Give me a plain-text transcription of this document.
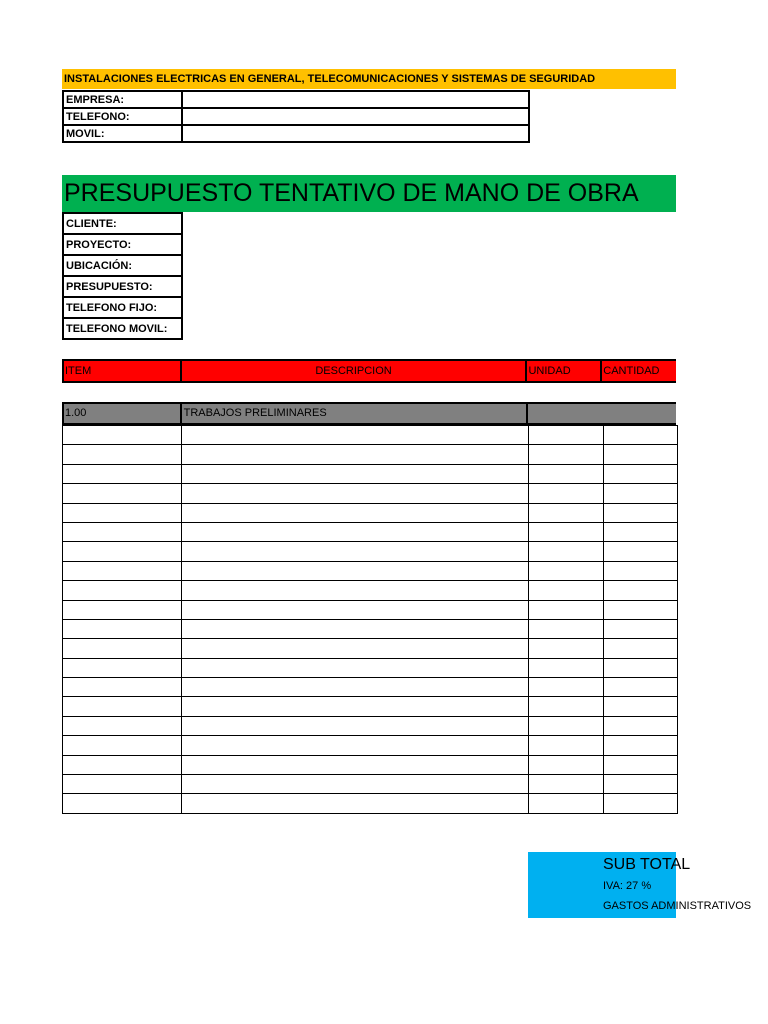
INSTALACIONES ELECTRICAS EN GENERAL, TELECOMUNICACIONES Y SISTEMAS DE SEGURIDAD
EMPRESA:	
TELEFONO:	
MOVIL:	
PRESUPUESTO TENTATIVO DE MANO DE OBRA
CLIENTE:
PROYECTO:
UBICACIÓN:
PRESUPUESTO:
TELEFONO FIJO:
TELEFONO MOVIL:
ITEM	DESCRIPCION	UNIDAD	CANTIDAD
1.00	TRABAJOS PRELIMINARES

SUB TOTAL
IVA: 27 %
GASTOS ADMINISTRATIVOS
